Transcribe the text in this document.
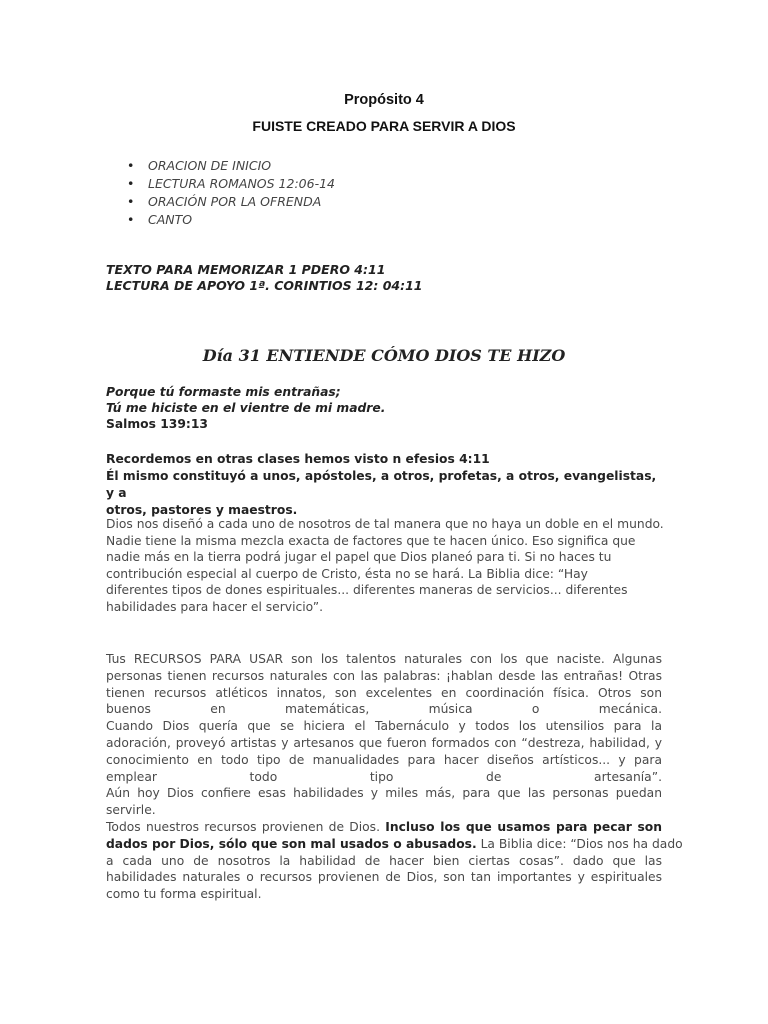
Propósito 4
FUISTE CREADO PARA SERVIR A DIOS
• ORACION DE INICIO
• LECTURA ROMANOS 12:06-14
• ORACIÓN POR LA OFRENDA
• CANTO
TEXTO PARA MEMORIZAR 1 PDERO 4:11
LECTURA DE APOYO 1ª. CORINTIOS 12: 04:11
Día 31 ENTIENDE CÓMO DIOS TE HIZO
Porque tú formaste mis entrañas;
Tú me hiciste en el vientre de mi madre.
Salmos 139:13
Recordemos en otras clases hemos visto n efesios 4:11
Él mismo constituyó a unos, apóstoles, a otros, profetas, a otros, evangelistas, y a
otros, pastores y maestros.
Dios nos diseñó a cada uno de nosotros de tal manera que no haya un doble en el mundo.
Nadie tiene la misma mezcla exacta de factores que te hacen único. Eso significa que
nadie más en la tierra podrá jugar el papel que Dios planeó para ti. Si no haces tu
contribución especial al cuerpo de Cristo, ésta no se hará. La Biblia dice: “Hay
diferentes tipos de dones espirituales... diferentes maneras de servicios... diferentes
habilidades para hacer el servicio”.
Tus RECURSOS PARA USAR son los talentos naturales con los que naciste. Algunas
personas tienen recursos naturales con las palabras: ¡hablan desde las entrañas! Otras
tienen recursos atléticos innatos, son excelentes en coordinación física. Otros son
buenos en matemáticas, música o mecánica.
Cuando Dios quería que se hiciera el Tabernáculo y todos los utensilios para la
adoración, proveyó artistas y artesanos que fueron formados con “destreza, habilidad, y
conocimiento en todo tipo de manualidades para hacer diseños artísticos... y para
emplear todo tipo de artesanía”.
Aún hoy Dios confiere esas habilidades y miles más, para que las personas puedan
servirle.
Todos nuestros recursos provienen de Dios. Incluso los que usamos para pecar son
dados por Dios, sólo que son mal usados o abusados. La Biblia dice: “Dios nos ha dado
a cada uno de nosotros la habilidad de hacer bien ciertas cosas”. dado que las
habilidades naturales o recursos provienen de Dios, son tan importantes y espirituales
como tu forma espiritual.
